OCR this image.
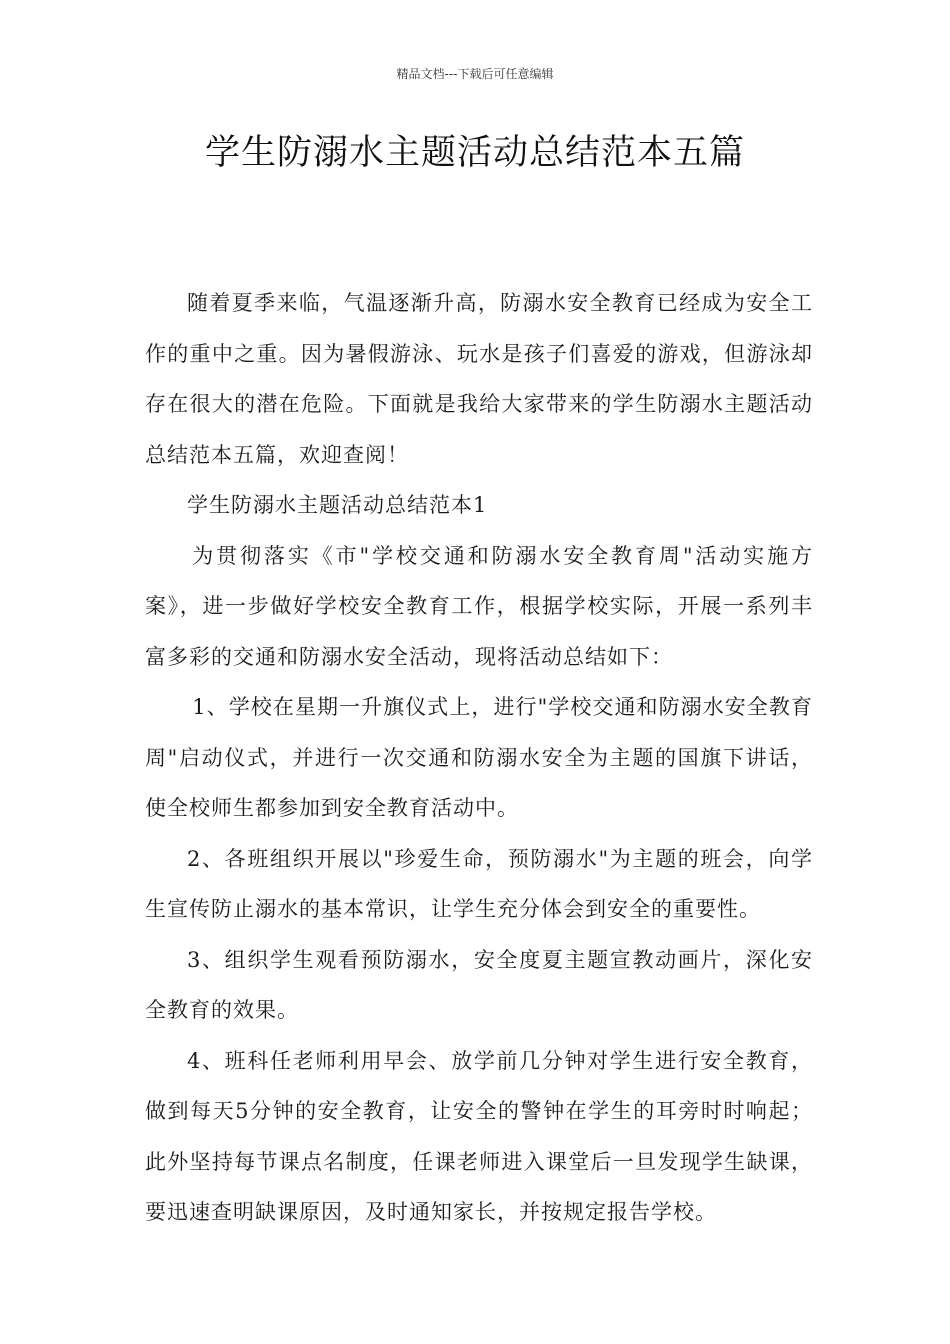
精品文档---下载后可任意编辑
学生防溺水主题活动总结范本五篇

随着夏季来临，气温逐渐升高，防溺水安全教育已经成为安全工作的重中之重。因为暑假游泳、玩水是孩子们喜爱的游戏，但游泳却存在很大的潜在危险。下面就是我给大家带来的学生防溺水主题活动总结范本五篇，欢迎查阅！

学生防溺水主题活动总结范本1

为贯彻落实《市"学校交通和防溺水安全教育周"活动实施方案》，进一步做好学校安全教育工作，根据学校实际，开展一系列丰富多彩的交通和防溺水安全活动，现将活动总结如下：

1、学校在星期一升旗仪式上，进行"学校交通和防溺水安全教育周"启动仪式，并进行一次交通和防溺水安全为主题的国旗下讲话，使全校师生都参加到安全教育活动中。

2、各班组织开展以"珍爱生命，预防溺水"为主题的班会，向学生宣传防止溺水的基本常识，让学生充分体会到安全的重要性。

3、组织学生观看预防溺水，安全度夏主题宣教动画片，深化安全教育的效果。

4、班科任老师利用早会、放学前几分钟对学生进行安全教育，做到每天5分钟的安全教育，让安全的警钟在学生的耳旁时时响起；此外坚持每节课点名制度，任课老师进入课堂后一旦发现学生缺课，要迅速查明缺课原因，及时通知家长，并按规定报告学校。
